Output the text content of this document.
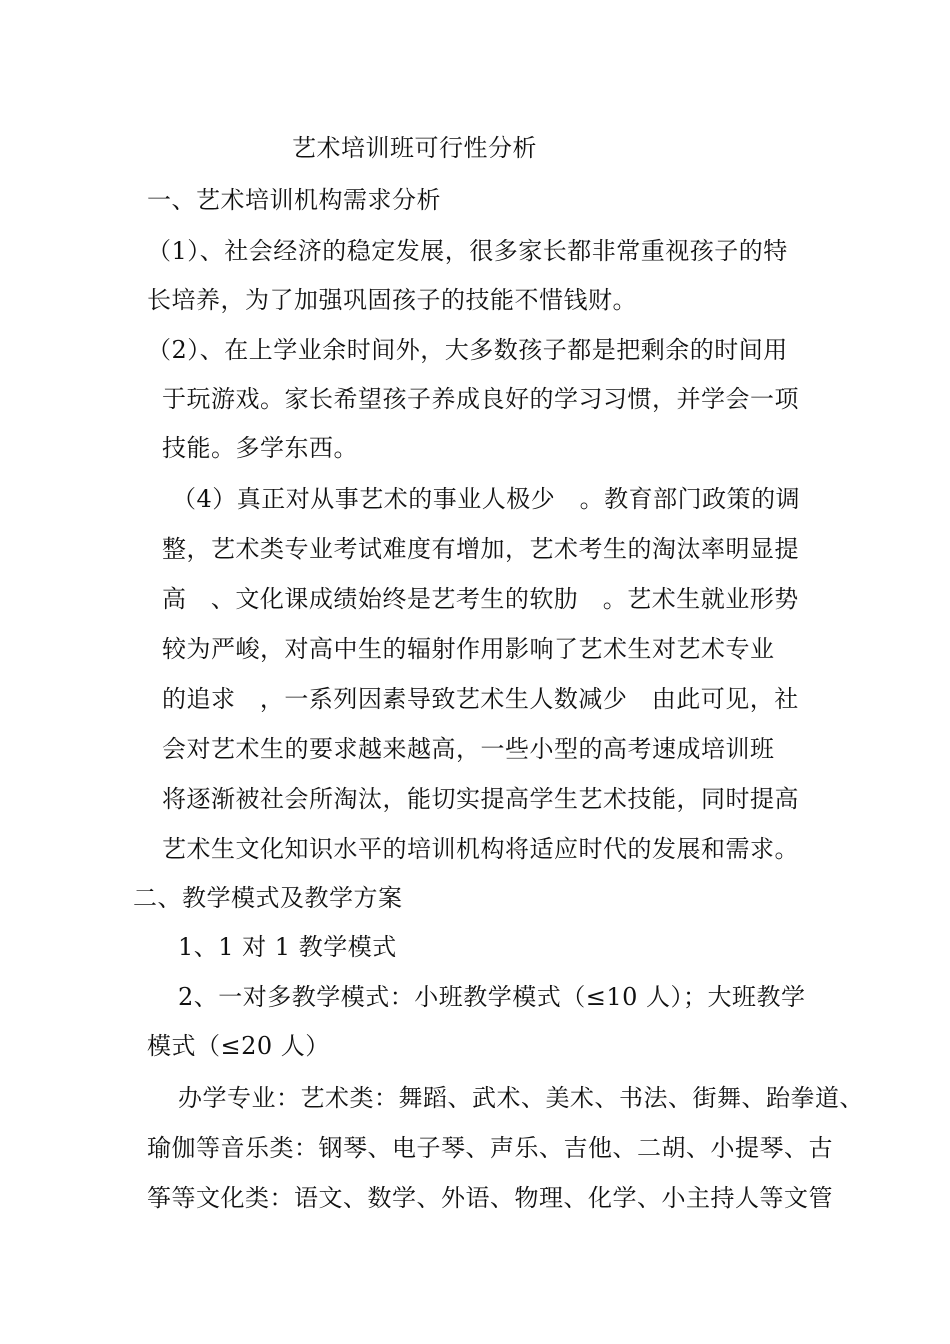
艺术培训班可行性分析
一、艺术培训机构需求分析
（1）、社会经济的稳定发展，很多家长都非常重视孩子的特
长培养，为了加强巩固孩子的技能不惜钱财。
（2）、在上学业余时间外，大多数孩子都是把剩余的时间用
于玩游戏。家长希望孩子养成良好的学习习惯，并学会一项
技能。多学东西。
（4）真正对从事艺术的事业人极少   。教育部门政策的调
整，艺术类专业考试难度有增加，艺术考生的淘汰率明显提
高   、文化课成绩始终是艺考生的软肋   。艺术生就业形势
较为严峻，对高中生的辐射作用影响了艺术生对艺术专业
的追求   ，一系列因素导致艺术生人数减少   由此可见，社
会对艺术生的要求越来越高，一些小型的高考速成培训班
将逐渐被社会所淘汰，能切实提高学生艺术技能，同时提高
艺术生文化知识水平的培训机构将适应时代的发展和需求。
二、教学模式及教学方案
1、1 对 1 教学模式
2、一对多教学模式：小班教学模式（≤10 人）；大班教学
模式（≤20 人）
办学专业：艺术类：舞蹈、武术、美术、书法、街舞、跆拳道、
瑜伽等音乐类：钢琴、电子琴、声乐、吉他、二胡、小提琴、古
筝等文化类：语文、数学、外语、物理、化学、小主持人等文管
